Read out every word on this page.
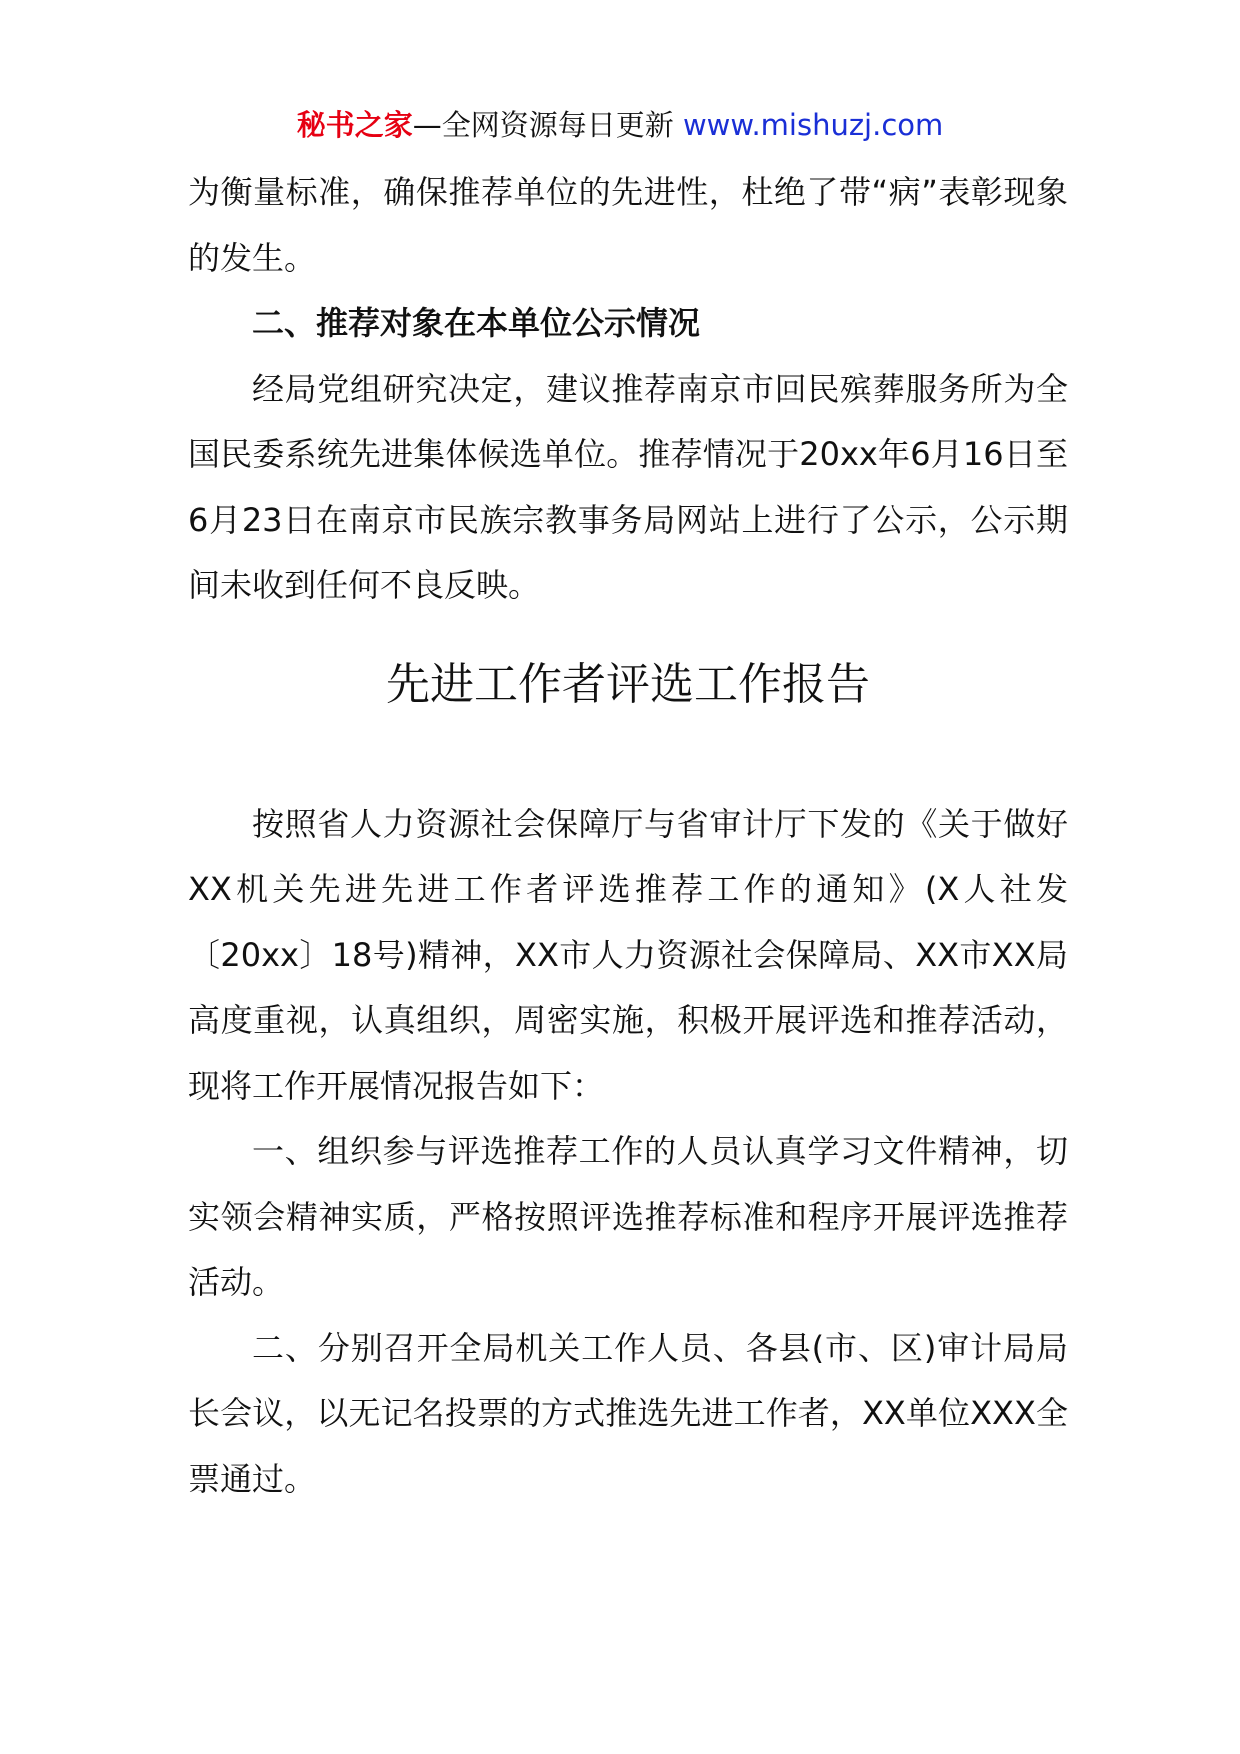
秘书之家—全网资源每日更新 www.mishuzj.com

为衡量标准，确保推荐单位的先进性，杜绝了带“病”表彰现象的发生。

二、推荐对象在本单位公示情况

经局党组研究决定，建议推荐南京市回民殡葬服务所为全国民委系统先进集体候选单位。推荐情况于20xx年6月16日至6月23日在南京市民族宗教事务局网站上进行了公示，公示期间未收到任何不良反映。

先进工作者评选工作报告

按照省人力资源社会保障厅与省审计厅下发的《关于做好XX机关先进先进工作者评选推荐工作的通知》(X人社发〔20xx〕18号)精神，XX市人力资源社会保障局、XX市XX局高度重视，认真组织，周密实施，积极开展评选和推荐活动，现将工作开展情况报告如下：

一、组织参与评选推荐工作的人员认真学习文件精神，切实领会精神实质，严格按照评选推荐标准和程序开展评选推荐活动。

二、分别召开全局机关工作人员、各县(市、区)审计局局长会议，以无记名投票的方式推选先进工作者，XX单位XXX全票通过。
